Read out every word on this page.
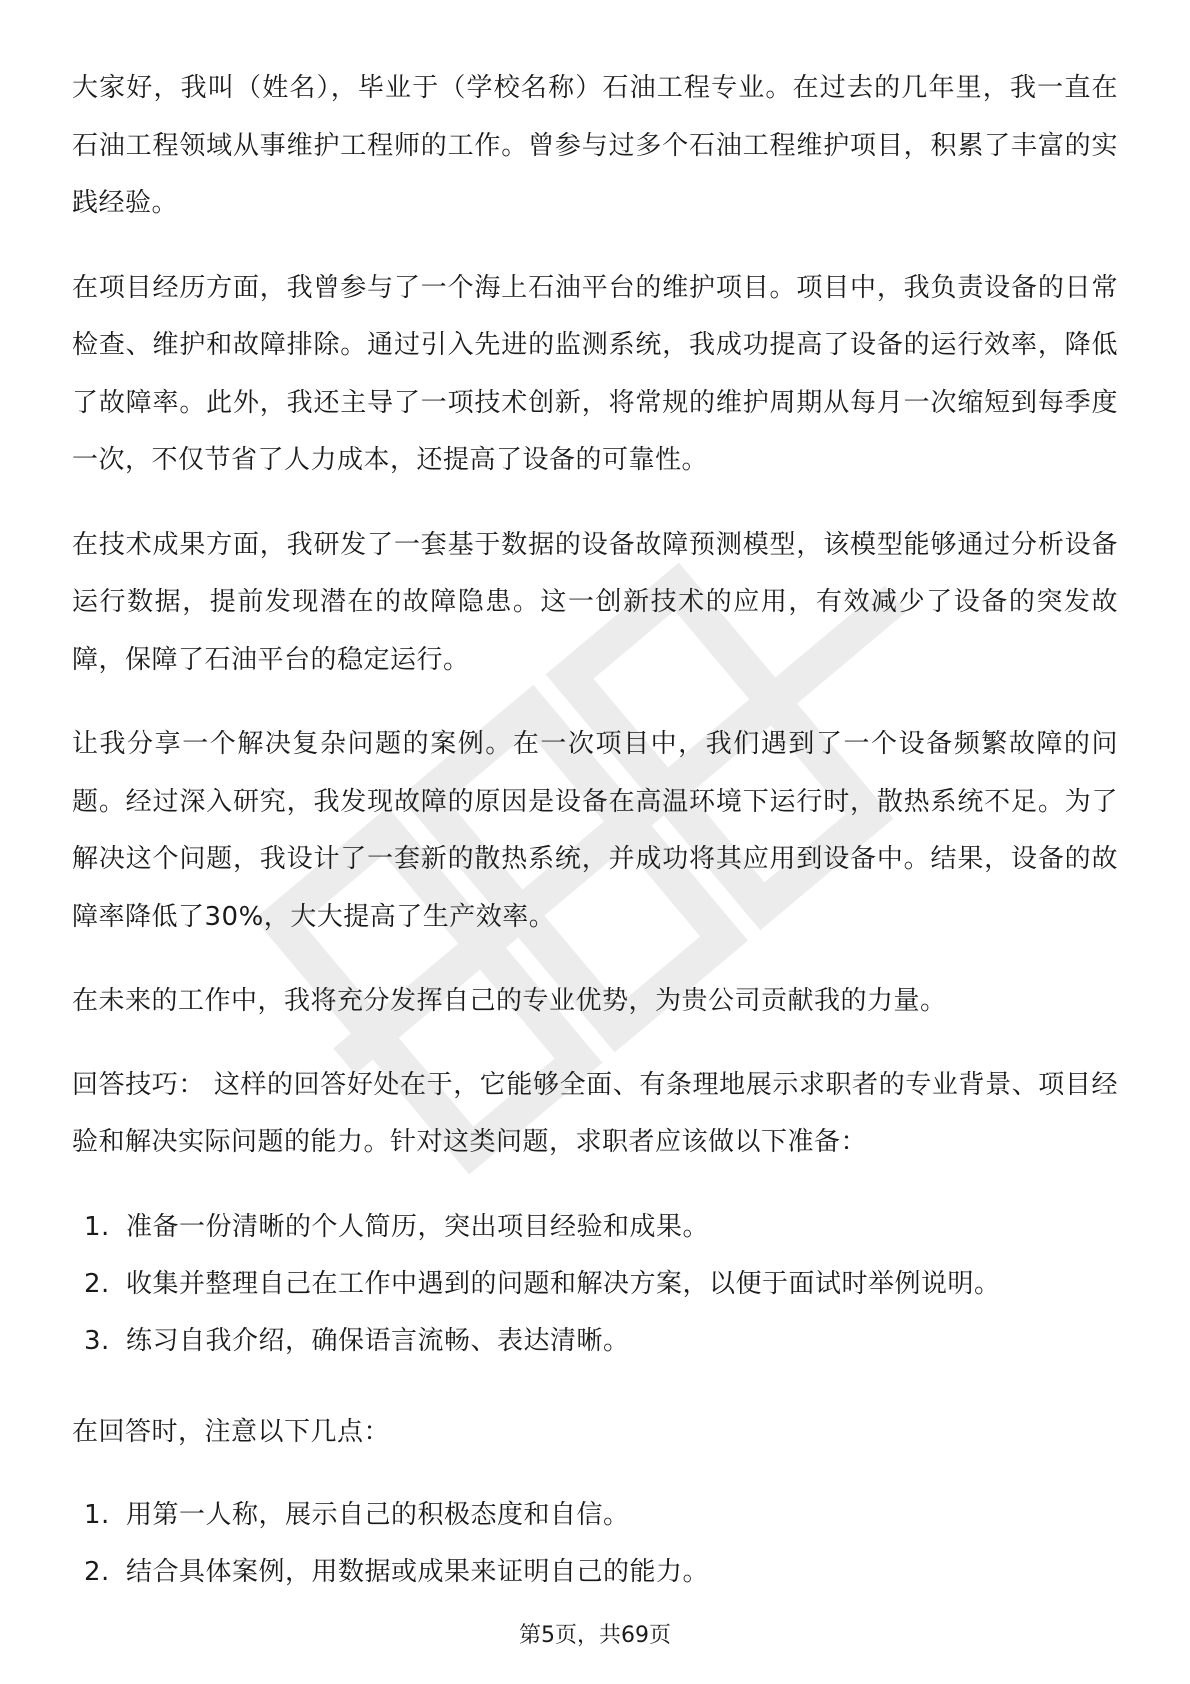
大家好，我叫（姓名），毕业于（学校名称）石油工程专业。在过去的几年里，我一直在石油工程领域从事维护工程师的工作。曾参与过多个石油工程维护项目，积累了丰富的实践经验。

在项目经历方面，我曾参与了一个海上石油平台的维护项目。项目中，我负责设备的日常检查、维护和故障排除。通过引入先进的监测系统，我成功提高了设备的运行效率，降低了故障率。此外，我还主导了一项技术创新，将常规的维护周期从每月一次缩短到每季度一次，不仅节省了人力成本，还提高了设备的可靠性。

在技术成果方面，我研发了一套基于数据的设备故障预测模型，该模型能够通过分析设备运行数据，提前发现潜在的故障隐患。这一创新技术的应用，有效减少了设备的突发故障，保障了石油平台的稳定运行。

让我分享一个解决复杂问题的案例。在一次项目中，我们遇到了一个设备频繁故障的问题。经过深入研究，我发现故障的原因是设备在高温环境下运行时，散热系统不足。为了解决这个问题，我设计了一套新的散热系统，并成功将其应用到设备中。结果，设备的故障率降低了30%，大大提高了生产效率。

在未来的工作中，我将充分发挥自己的专业优势，为贵公司贡献我的力量。

回答技巧： 这样的回答好处在于，它能够全面、有条理地展示求职者的专业背景、项目经验和解决实际问题的能力。针对这类问题，求职者应该做以下准备：

1. 准备一份清晰的个人简历，突出项目经验和成果。
2. 收集并整理自己在工作中遇到的问题和解决方案，以便于面试时举例说明。
3. 练习自我介绍，确保语言流畅、表达清晰。

在回答时，注意以下几点：

1. 用第一人称，展示自己的积极态度和自信。
2. 结合具体案例，用数据或成果来证明自己的能力。
第5页，共69页
